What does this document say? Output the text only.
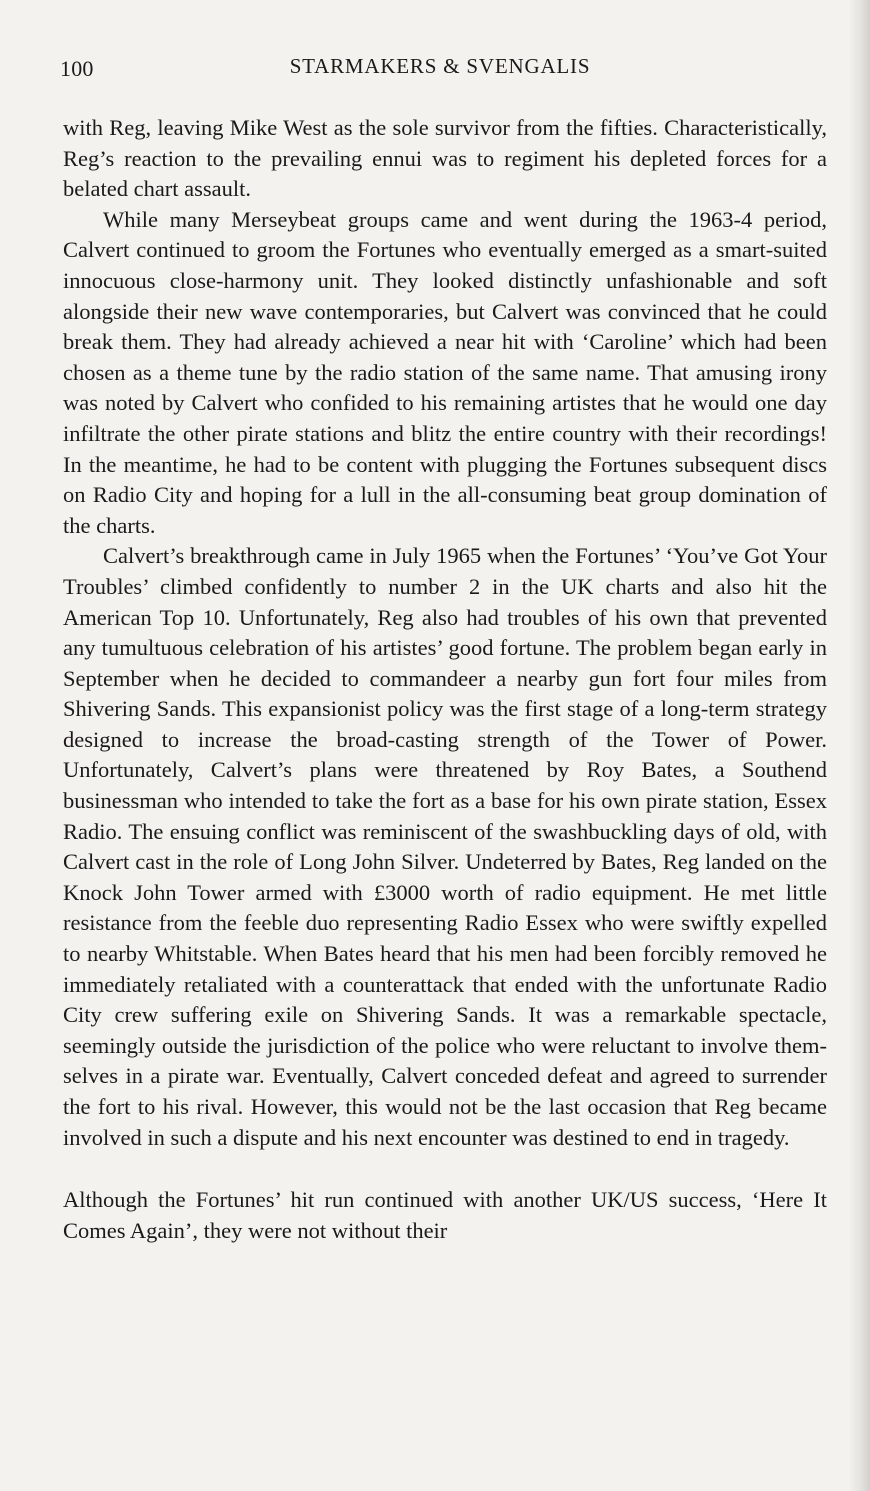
100	STARMAKERS & SVENGALIS

with Reg, leaving Mike West as the sole survivor from the fifties. Characteristically, Reg’s reaction to the prevailing ennui was to regiment his depleted forces for a belated chart assault.

While many Merseybeat groups came and went during the 1963-4 period, Calvert continued to groom the Fortunes who eventually emerged as a smart-suited innocuous close-harmony unit. They looked distinctly unfashionable and soft alongside their new wave contemporaries, but Calvert was convinced that he could break them. They had already achieved a near hit with ‘Caroline’ which had been chosen as a theme tune by the radio station of the same name. That amusing irony was noted by Calvert who confided to his remaining artistes that he would one day infiltrate the other pirate stations and blitz the entire country with their recordings! In the meantime, he had to be content with plugging the Fortunes subsequent discs on Radio City and hoping for a lull in the all-consuming beat group domination of the charts.

Calvert’s breakthrough came in July 1965 when the Fortunes’ ‘You’ve Got Your Troubles’ climbed confidently to number 2 in the UK charts and also hit the American Top 10. Unfortunately, Reg also had troubles of his own that prevented any tumultuous celebration of his artistes’ good fortune. The problem began early in September when he decided to commandeer a nearby gun fort four miles from Shivering Sands. This expansionist policy was the first stage of a long-term strategy designed to increase the broad-casting strength of the Tower of Power. Unfortunately, Calvert’s plans were threatened by Roy Bates, a Southend businessman who intended to take the fort as a base for his own pirate station, Essex Radio. The ensuing conflict was reminiscent of the swashbuckling days of old, with Calvert cast in the role of Long John Silver. Undeterred by Bates, Reg landed on the Knock John Tower armed with £3000 worth of radio equipment. He met little resistance from the feeble duo representing Radio Essex who were swiftly expelled to nearby Whitstable. When Bates heard that his men had been forcibly removed he immediately retaliated with a counterattack that ended with the unfortunate Radio City crew suffering exile on Shivering Sands. It was a remarkable spectacle, seemingly outside the jurisdiction of the police who were reluctant to involve them-selves in a pirate war. Eventually, Calvert conceded defeat and agreed to surrender the fort to his rival. However, this would not be the last occasion that Reg became involved in such a dispute and his next encounter was destined to end in tragedy.

Although the Fortunes’ hit run continued with another UK/US success, ‘Here It Comes Again’, they were not without their
